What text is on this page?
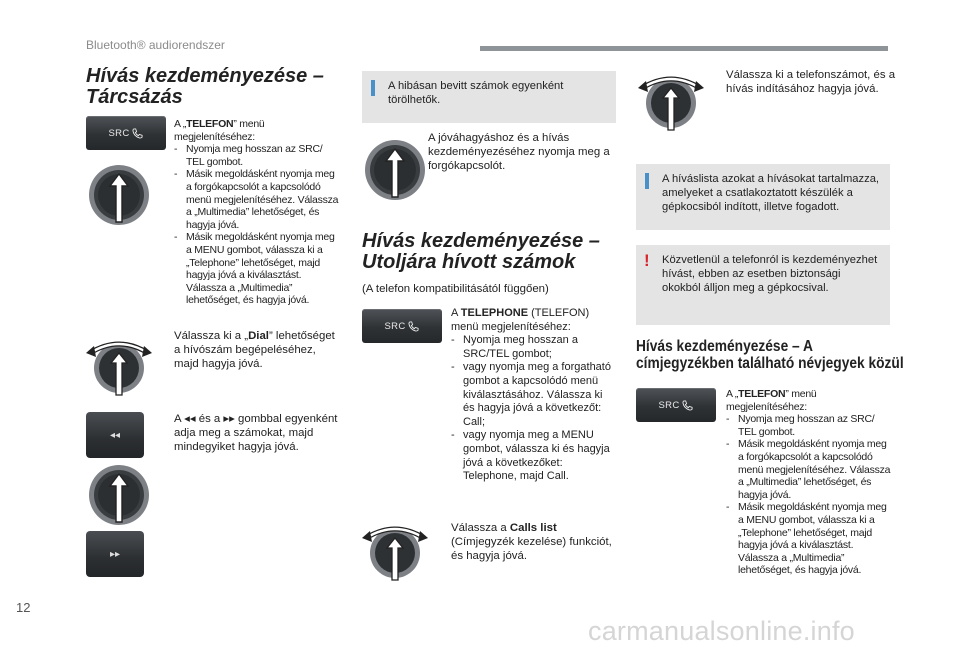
Bluetooth® audiorendszer
Hívás kezdeményezése –
Tárcsázás
SRC
A „TELEFON” menü megjelenítéséhez:
- Nyomja meg hosszan az SRC/ TEL gombot.
- Másik megoldásként nyomja meg a forgókapcsolót a kapcsolódó menü megjelenítéséhez. Válassza a „Multimedia” lehetőséget, és hagyja jóvá.
- Másik megoldásként nyomja meg a MENU gombot, válassza ki a „Telephone” lehetőséget, majd hagyja jóvá a kiválasztást. Válassza a „Multimedia” lehetőséget, és hagyja jóvá.
Válassza ki a „Dial” lehetőséget a hívószám begépeléséhez, majd hagyja jóvá.
◂◂
▸▸
A ◂◂ és a ▸▸ gombbal egyenként adja meg a számokat, majd mindegyiket hagyja jóvá.
A hibásan bevitt számok egyenként törölhetők.
A jóváhagyáshoz és a hívás kezdeményezéséhez nyomja meg a forgókapcsolót.
Hívás kezdeményezése –
Utoljára hívott számok
(A telefon kompatibilitásától függően)
SRC
A TELEPHONE (TELEFON) menü megjelenítéséhez:
- Nyomja meg hosszan a SRC/TEL gombot;
- vagy nyomja meg a forgatható gombot a kapcsolódó menü kiválasztásához. Válassza ki és hagyja jóvá a következőt: Call;
- vagy nyomja meg a MENU gombot, válassza ki és hagyja jóvá a következőket: Telephone, majd Call.
Válassza a Calls list (Címjegyzék kezelése) funkciót, és hagyja jóvá.
Válassza ki a telefonszámot, és a hívás indításához hagyja jóvá.
A híváslista azokat a hívásokat tartalmazza, amelyeket a csatlakoztatott készülék a gépkocsiból indított, illetve fogadott.
! Közvetlenül a telefonról is kezdeményezhet hívást, ebben az esetben biztonsági okokból álljon meg a gépkocsival.
Hívás kezdeményezése – A
címjegyzékben található névjegyek közül
SRC
A „TELEFON” menü megjelenítéséhez:
- Nyomja meg hosszan az SRC/ TEL gombot.
- Másik megoldásként nyomja meg a forgókapcsolót a kapcsolódó menü megjelenítéséhez. Válassza a „Multimedia” lehetőséget, és hagyja jóvá.
- Másik megoldásként nyomja meg a MENU gombot, válassza ki a „Telephone” lehetőséget, majd hagyja jóvá a kiválasztást. Válassza a „Multimedia” lehetőséget, és hagyja jóvá.
12
carmanualsonline.info
